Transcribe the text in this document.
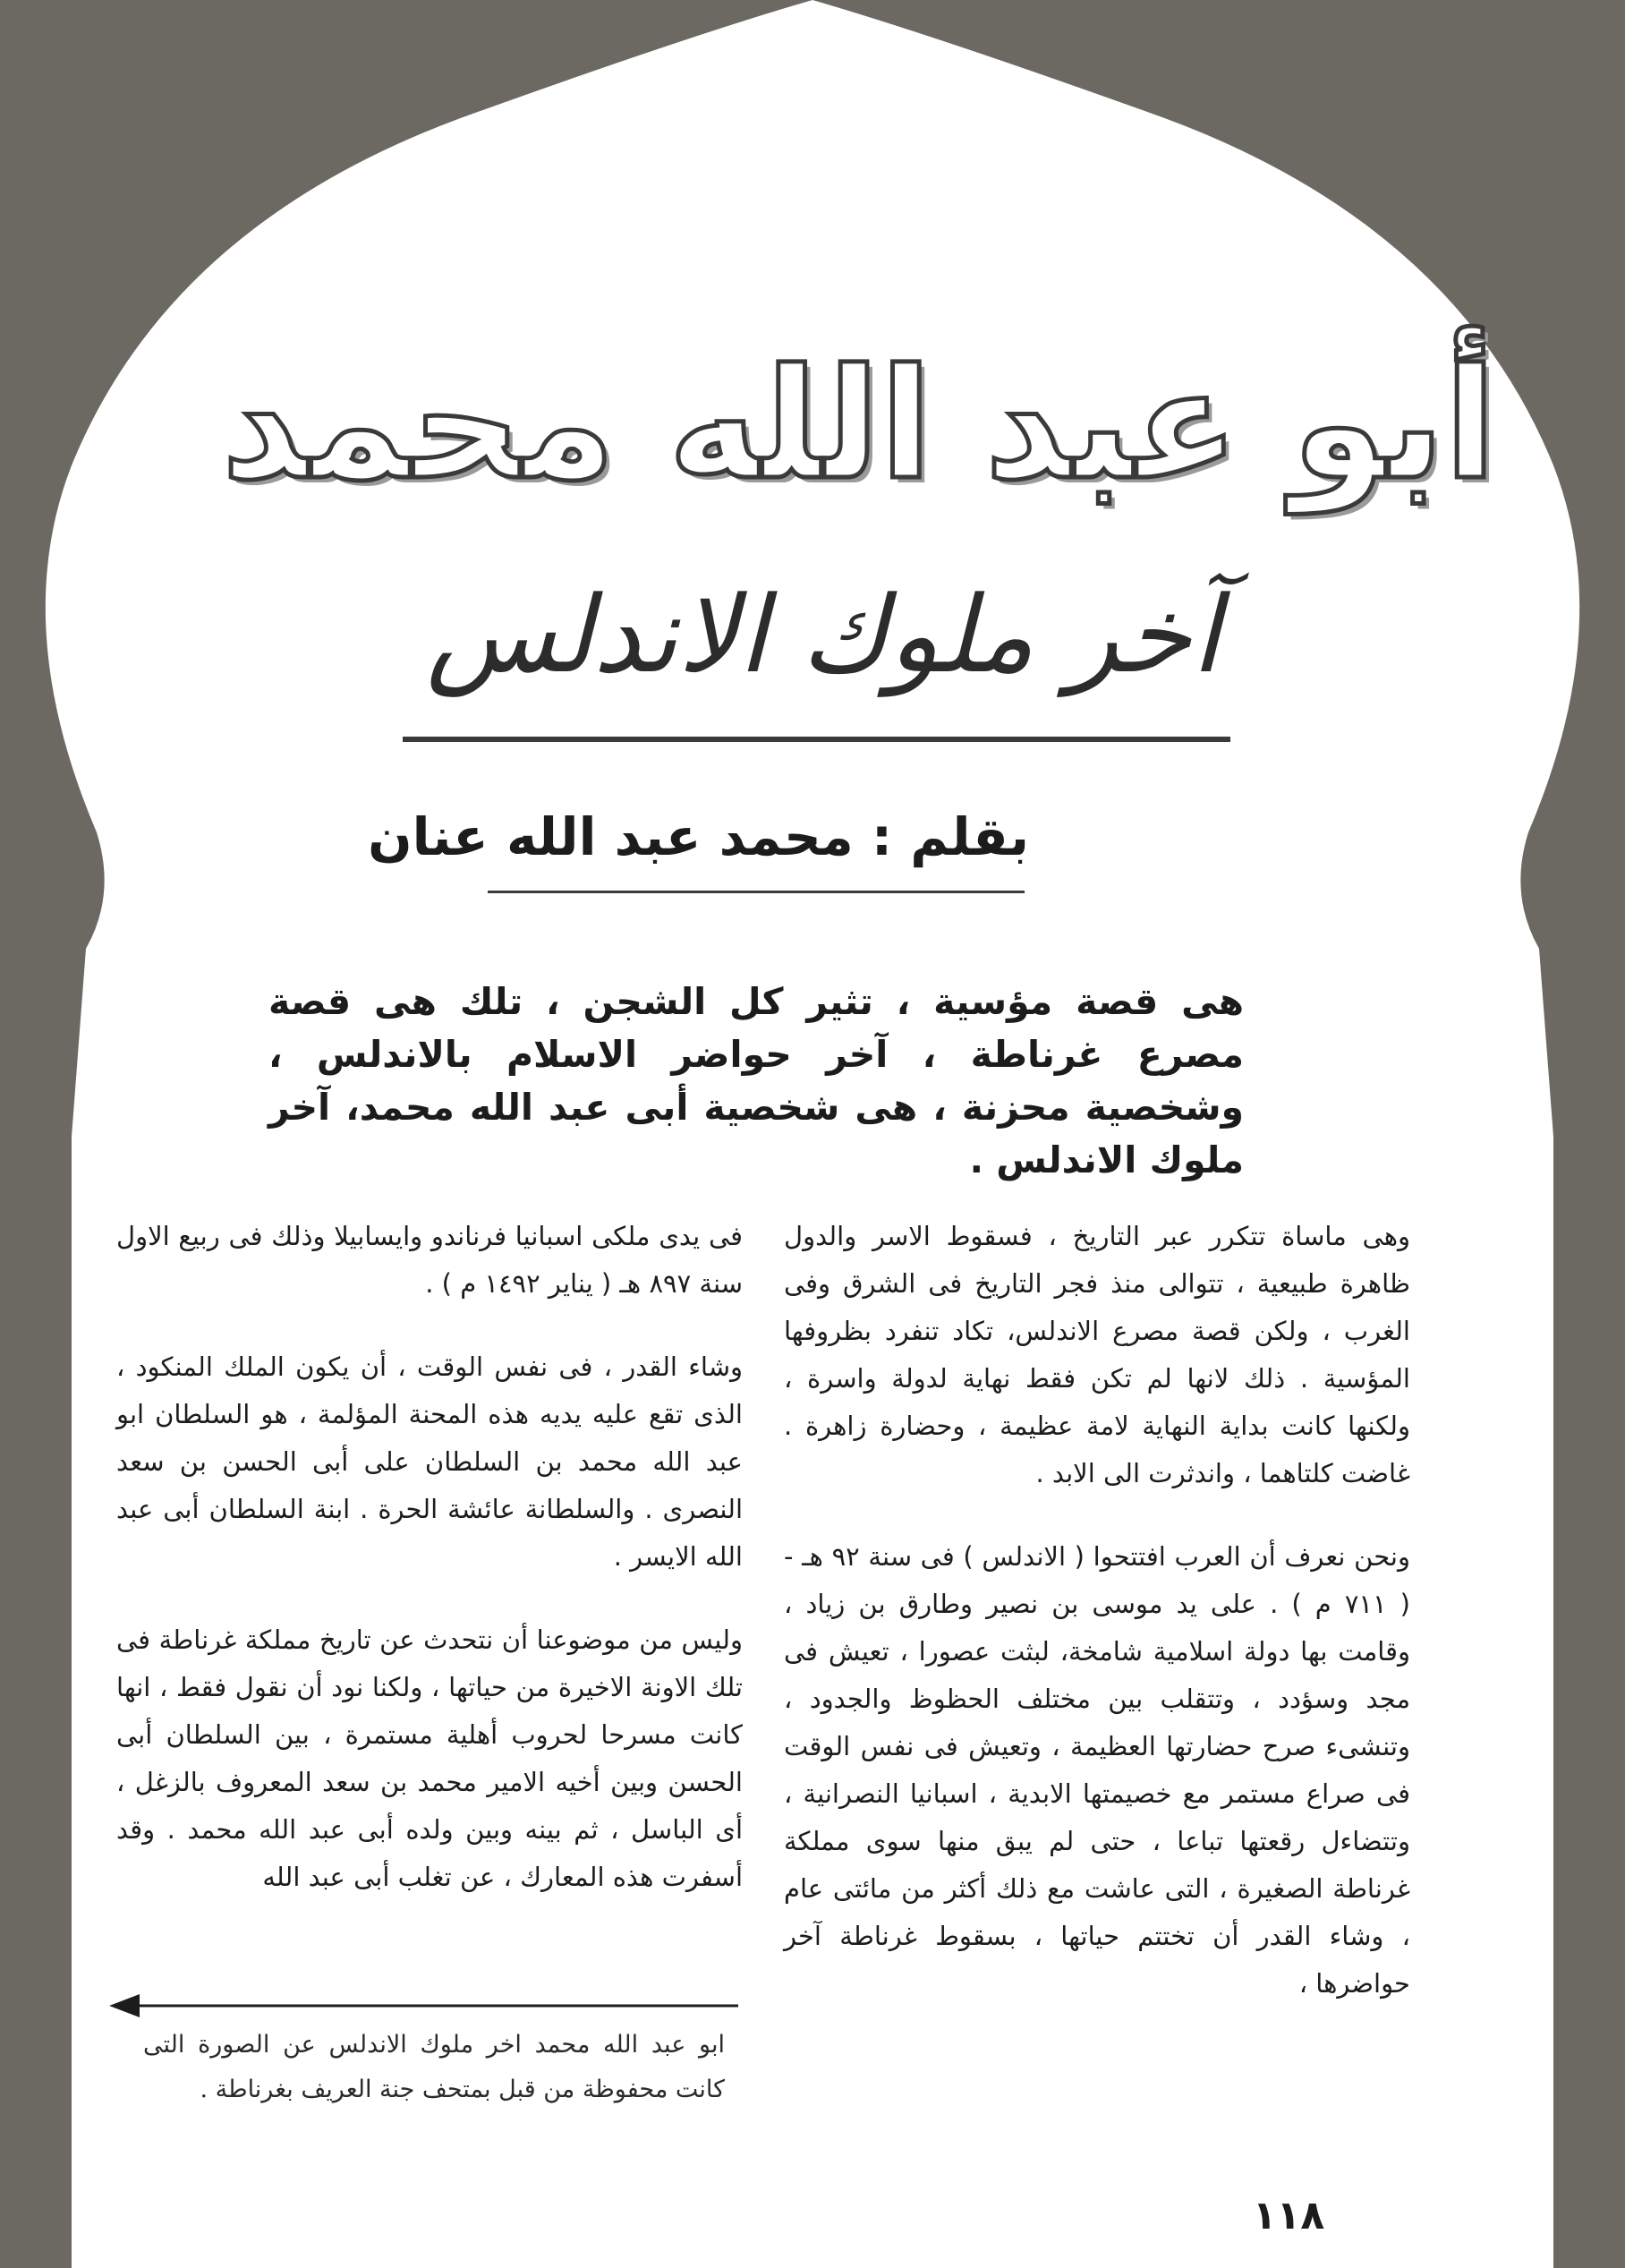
أبو عبد الله محمد
آخر ملوك الاندلس
بقلم : محمد عبد الله عنان
هى قصة مؤسية ، تثير كل الشجن ، تلك هى قصة مصرع غرناطة ، آخر حواضر الاسلام بالاندلس ، وشخصية محزنة ، هى شخصية أبى عبد الله محمد، آخر ملوك الاندلس .

وهى ماساة تتكرر عبر التاريخ ، فسقوط الاسر والدول ظاهرة طبيعية ، تتوالى منذ فجر التاريخ فى الشرق وفى الغرب ، ولكن قصة مصرع الاندلس، تكاد تنفرد بظروفها المؤسية . ذلك لانها لم تكن فقط نهاية لدولة واسرة ، ولكنها كانت بداية النهاية لامة عظيمة ، وحضارة زاهرة . غاضت كلتاهما ، واندثرت الى الابد .

ونحن نعرف أن العرب افتتحوا ( الاندلس ) فى سنة ٩٢ هـ - ( ٧١١ م ) . على يد موسى بن نصير وطارق بن زياد ، وقامت بها دولة اسلامية شامخة، لبثت عصورا ، تعيش فى مجد وسؤدد ، وتتقلب بين مختلف الحظوظ والجدود ، وتنشىء صرح حضارتها العظيمة ، وتعيش فى نفس الوقت فى صراع مستمر مع خصيمتها الابدية ، اسبانيا النصرانية ، وتتضاءل رقعتها تباعا ، حتى لم يبق منها سوى مملكة غرناطة الصغيرة ، التى عاشت مع ذلك أكثر من مائتى عام ، وشاء القدر أن تختتم حياتها ، بسقوط غرناطة آخر حواضرها ،

فى يدى ملكى اسبانيا فرناندو وايسابيلا وذلك فى ربيع الاول سنة ٨٩٧ هـ ( يناير ١٤٩٢ م ) .

وشاء القدر ، فى نفس الوقت ، أن يكون الملك المنكود ، الذى تقع عليه يديه هذه المحنة المؤلمة ، هو السلطان ابو عبد الله محمد بن السلطان على أبى الحسن بن سعد النصرى . والسلطانة عائشة الحرة . ابنة السلطان أبى عبد الله الايسر .

وليس من موضوعنا أن نتحدث عن تاريخ مملكة غرناطة فى تلك الاونة الاخيرة من حياتها ، ولكنا نود أن نقول فقط ، انها كانت مسرحا لحروب أهلية مستمرة ، بين السلطان أبى الحسن وبين أخيه الامير محمد بن سعد المعروف بالزغل ، أى الباسل ، ثم بينه وبين ولده أبى عبد الله محمد . وقد أسفرت هذه المعارك ، عن تغلب أبى عبد الله

ابو عبد الله محمد اخر ملوك الاندلس عن الصورة التى كانت محفوظة من قبل بمتحف جنة العريف بغرناطة .
١١٨
